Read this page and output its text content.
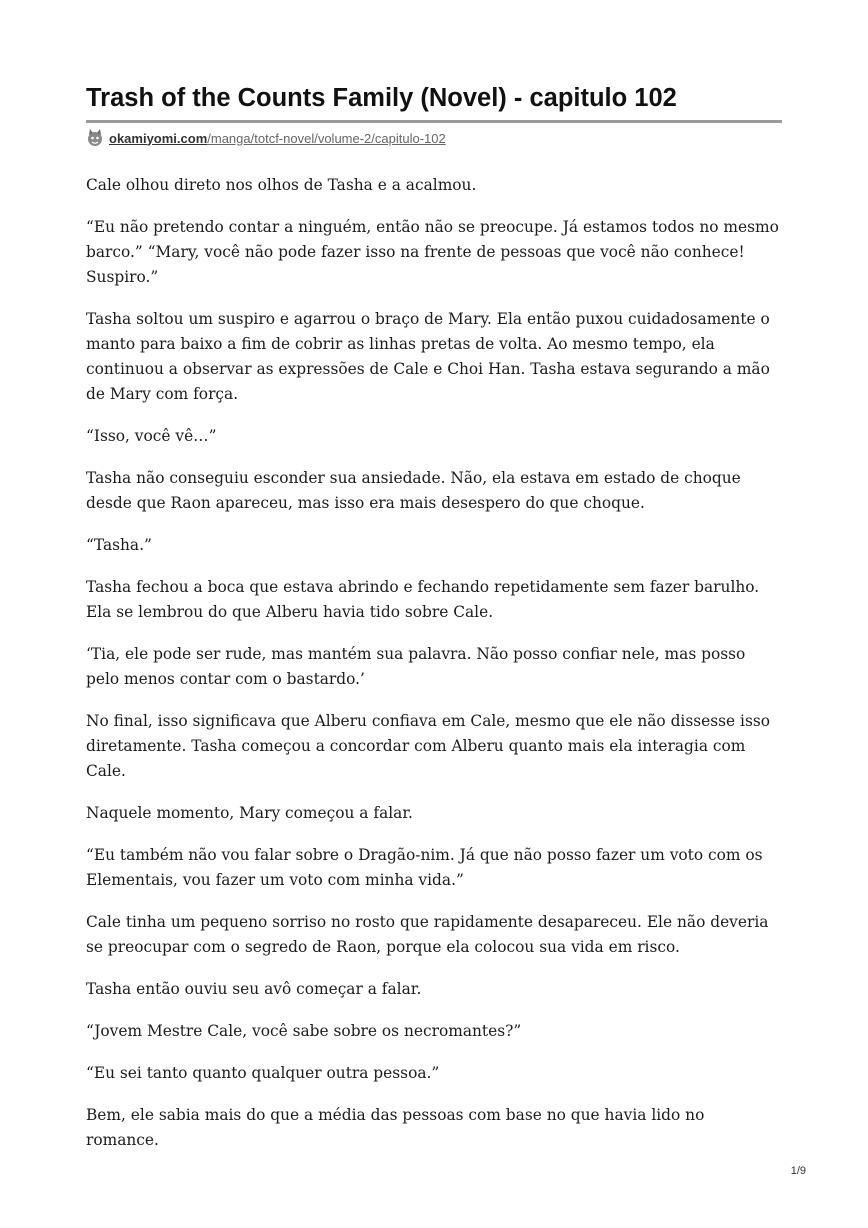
Trash of the Counts Family (Novel) - capitulo 102
okamiyomi.com /manga/totcf-novel/volume-2/capitulo-102

Cale olhou direto nos olhos de Tasha e a acalmou.

“Eu não pretendo contar a ninguém, então não se preocupe. Já estamos todos no mesmo barco.” “Mary, você não pode fazer isso na frente de pessoas que você não conhece! Suspiro.”

Tasha soltou um suspiro e agarrou o braço de Mary. Ela então puxou cuidadosamente o manto para baixo a fim de cobrir as linhas pretas de volta. Ao mesmo tempo, ela continuou a observar as expressões de Cale e Choi Han. Tasha estava segurando a mão de Mary com força.

“Isso, você vê…”

Tasha não conseguiu esconder sua ansiedade. Não, ela estava em estado de choque desde que Raon apareceu, mas isso era mais desespero do que choque.

“Tasha.”

Tasha fechou a boca que estava abrindo e fechando repetidamente sem fazer barulho. Ela se lembrou do que Alberu havia tido sobre Cale.

‘Tia, ele pode ser rude, mas mantém sua palavra. Não posso confiar nele, mas posso pelo menos contar com o bastardo.’

No final, isso significava que Alberu confiava em Cale, mesmo que ele não dissesse isso diretamente. Tasha começou a concordar com Alberu quanto mais ela interagia com Cale.

Naquele momento, Mary começou a falar.

“Eu também não vou falar sobre o Dragão-nim. Já que não posso fazer um voto com os Elementais, vou fazer um voto com minha vida.”

Cale tinha um pequeno sorriso no rosto que rapidamente desapareceu. Ele não deveria se preocupar com o segredo de Raon, porque ela colocou sua vida em risco.

Tasha então ouviu seu avô começar a falar.

“Jovem Mestre Cale, você sabe sobre os necromantes?”

“Eu sei tanto quanto qualquer outra pessoa.”

Bem, ele sabia mais do que a média das pessoas com base no que havia lido no romance.

1/9
